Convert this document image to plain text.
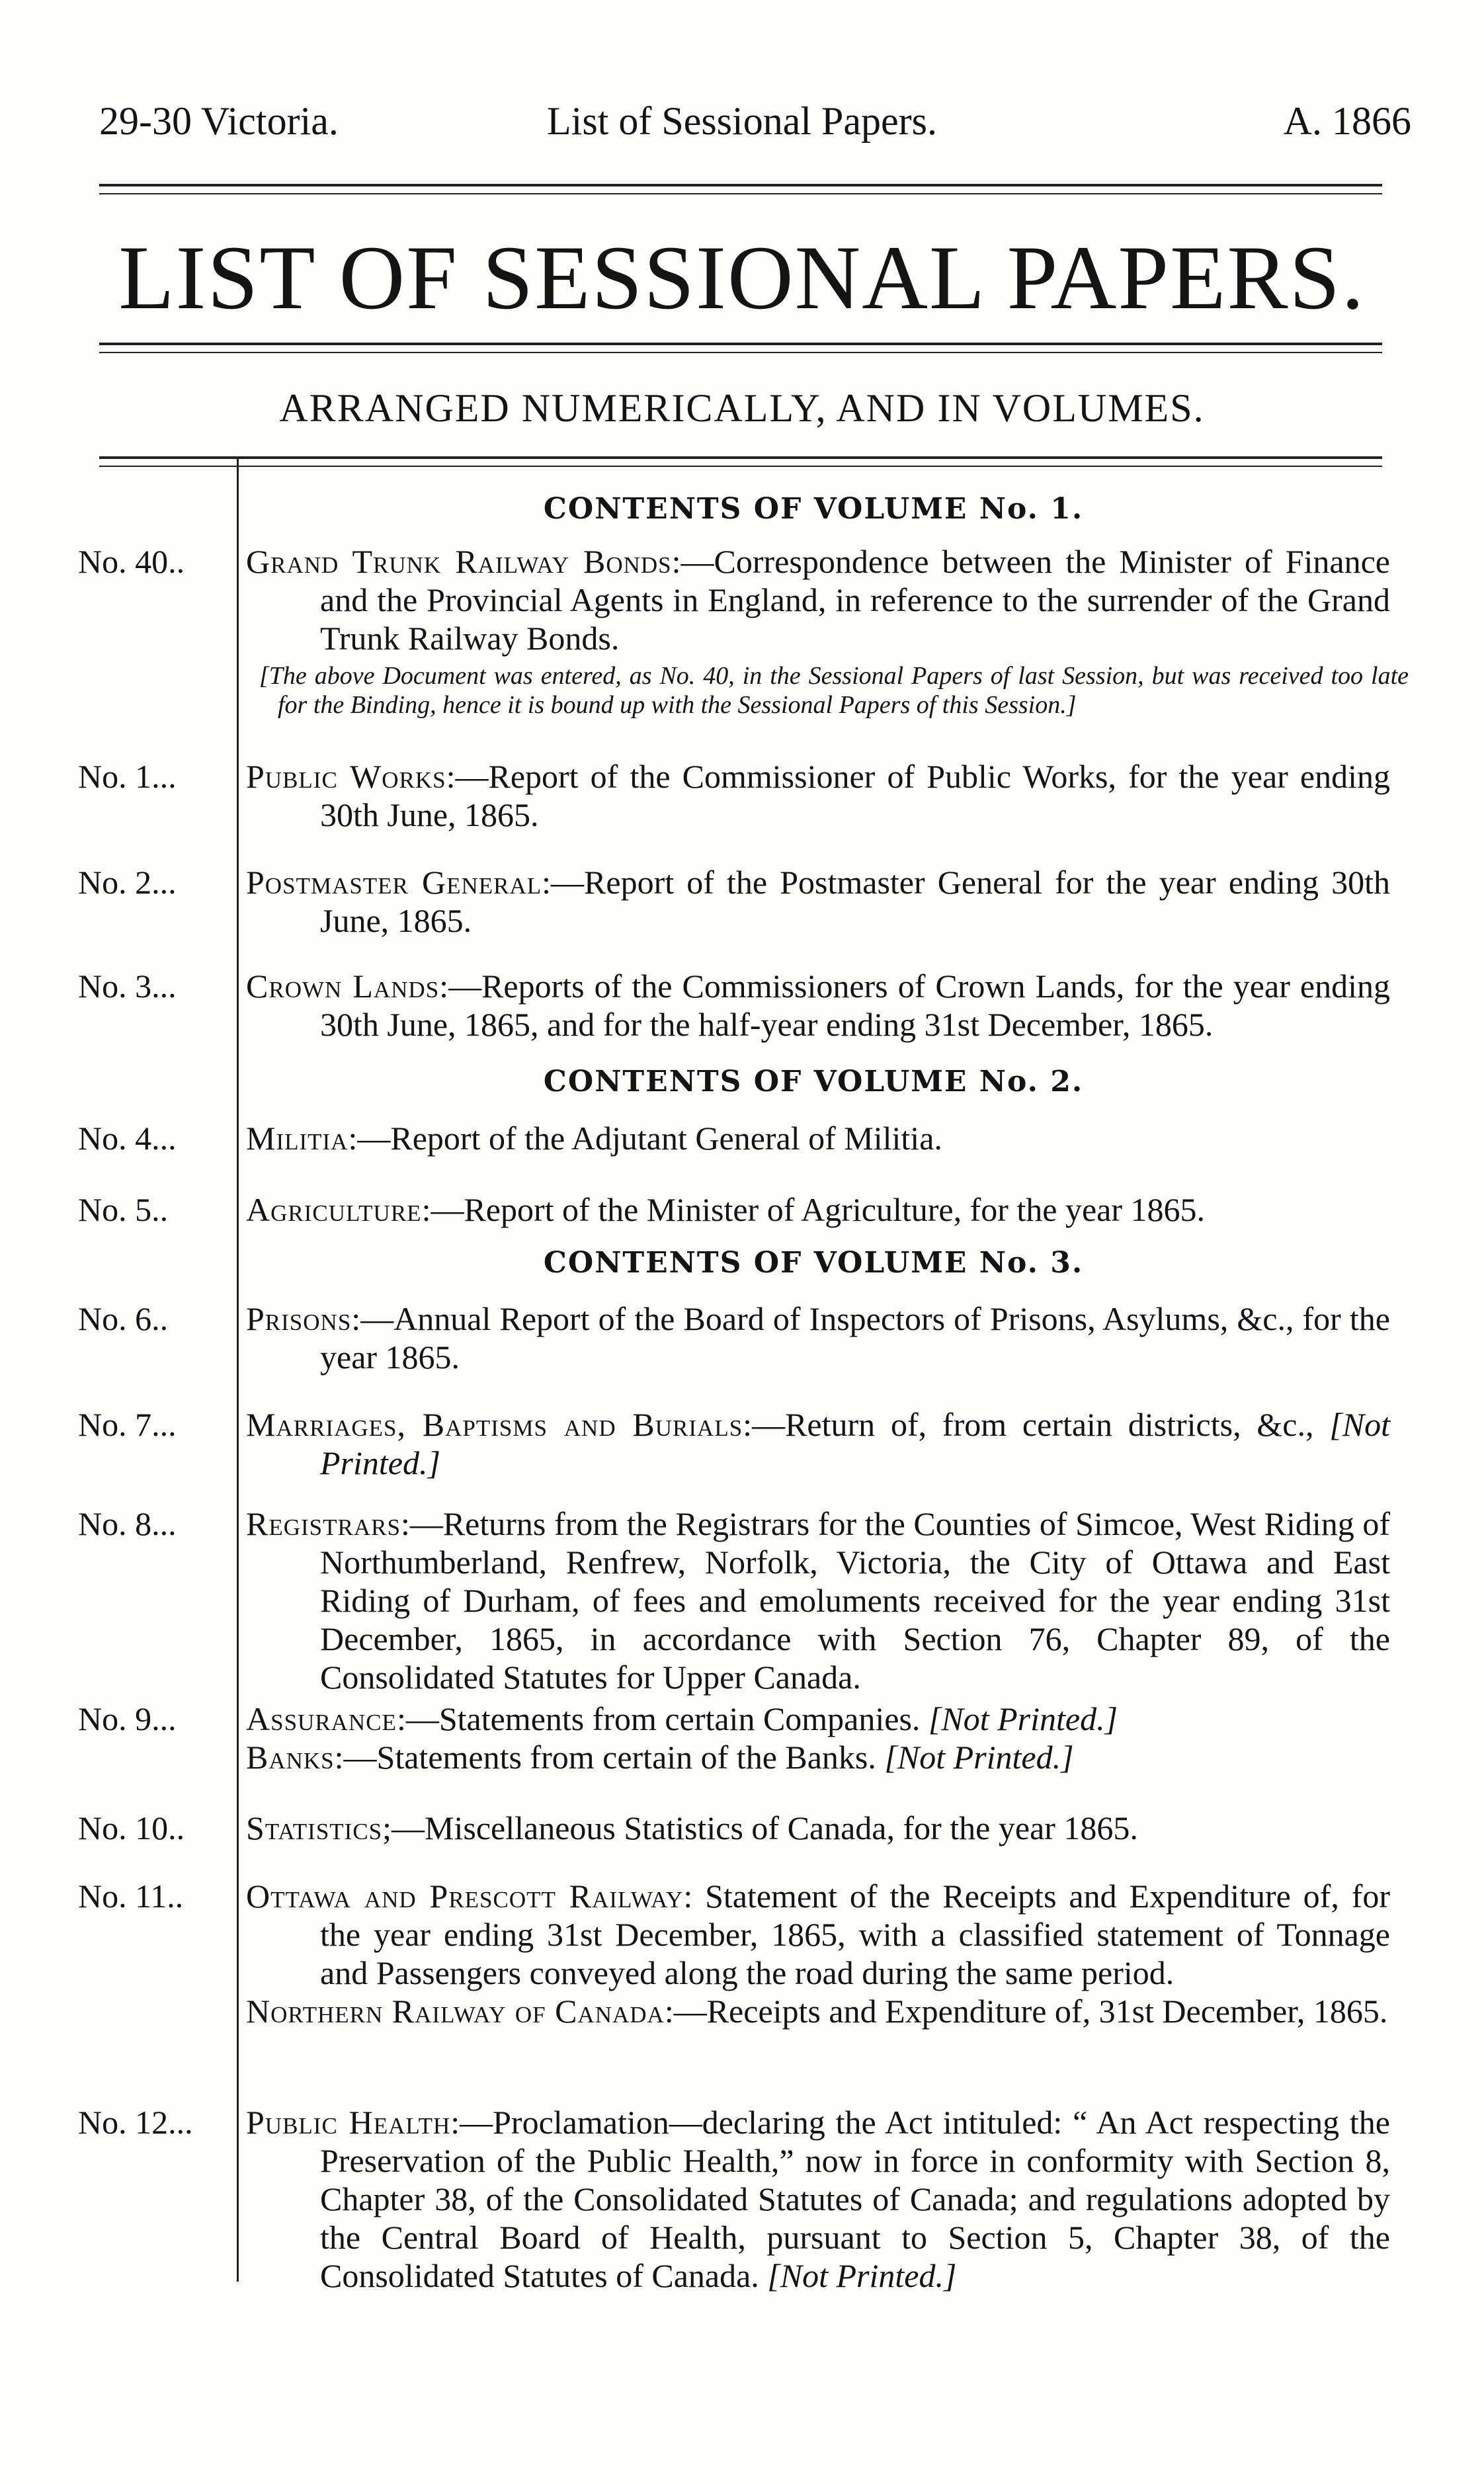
29-30 Victoria.	List of Sessional Papers.	A. 1866
LIST OF SESSIONAL PAPERS.
ARRANGED NUMERICALLY, AND IN VOLUMES.
CONTENTS OF VOLUME No. 1.
CONTENTS OF VOLUME No. 2.
CONTENTS OF VOLUME No. 3.
No. 40..	Grand Trunk Railway Bonds:—Correspondence between the Minister of Finance and the Provincial Agents in England, in reference to the surrender of the Grand Trunk Railway Bonds.
[The above Document was entered, as No. 40, in the Sessional Papers of last Session, but was received too late for the Binding, hence it is bound up with the Sessional Papers of this Session.]
No. 1...	Public Works:—Report of the Commissioner of Public Works, for the year ending 30th June, 1865.
No. 2...	Postmaster General:—Report of the Postmaster General for the year ending 30th June, 1865.
No. 3...	Crown Lands:—Reports of the Commissioners of Crown Lands, for the year ending 30th June, 1865, and for the half-year ending 31st December, 1865.
No. 4...	Militia:—Report of the Adjutant General of Militia.
No. 5..	Agriculture:—Report of the Minister of Agriculture, for the year 1865.
No. 6..	Prisons:—Annual Report of the Board of Inspectors of Prisons, Asylums, &c., for the year 1865.
No. 7...	Marriages, Baptisms and Burials:—Return of, from certain districts, &c., [Not Printed.]
No. 8...	Registrars:—Returns from the Registrars for the Counties of Simcoe, West Riding of Northumberland, Renfrew, Norfolk, Victoria, the City of Ottawa and East Riding of Durham, of fees and emoluments received for the year ending 31st December, 1865, in accordance with Section 76, Chapter 89, of the Consolidated Statutes for Upper Canada.
No. 9...	Assurance:—Statements from certain Companies. [Not Printed.]
Banks:—Statements from certain of the Banks. [Not Printed.]
No. 10..	Statistics;—Miscellaneous Statistics of Canada, for the year 1865.
No. 11..	Ottawa and Prescott Railway: Statement of the Receipts and Expenditure of, for the year ending 31st December, 1865, with a classified statement of Tonnage and Passengers conveyed along the road during the same period.
Northern Railway of Canada:—Receipts and Expenditure of, 31st December, 1865.
No. 12...	Public Health:—Proclamation—declaring the Act intituled: “ An Act respecting the Preservation of the Public Health,” now in force in conformity with Section 8, Chapter 38, of the Consolidated Statutes of Canada; and regulations adopted by the Central Board of Health, pursuant to Section 5, Chapter 38, of the Consolidated Statutes of Canada. [Not Printed.]
